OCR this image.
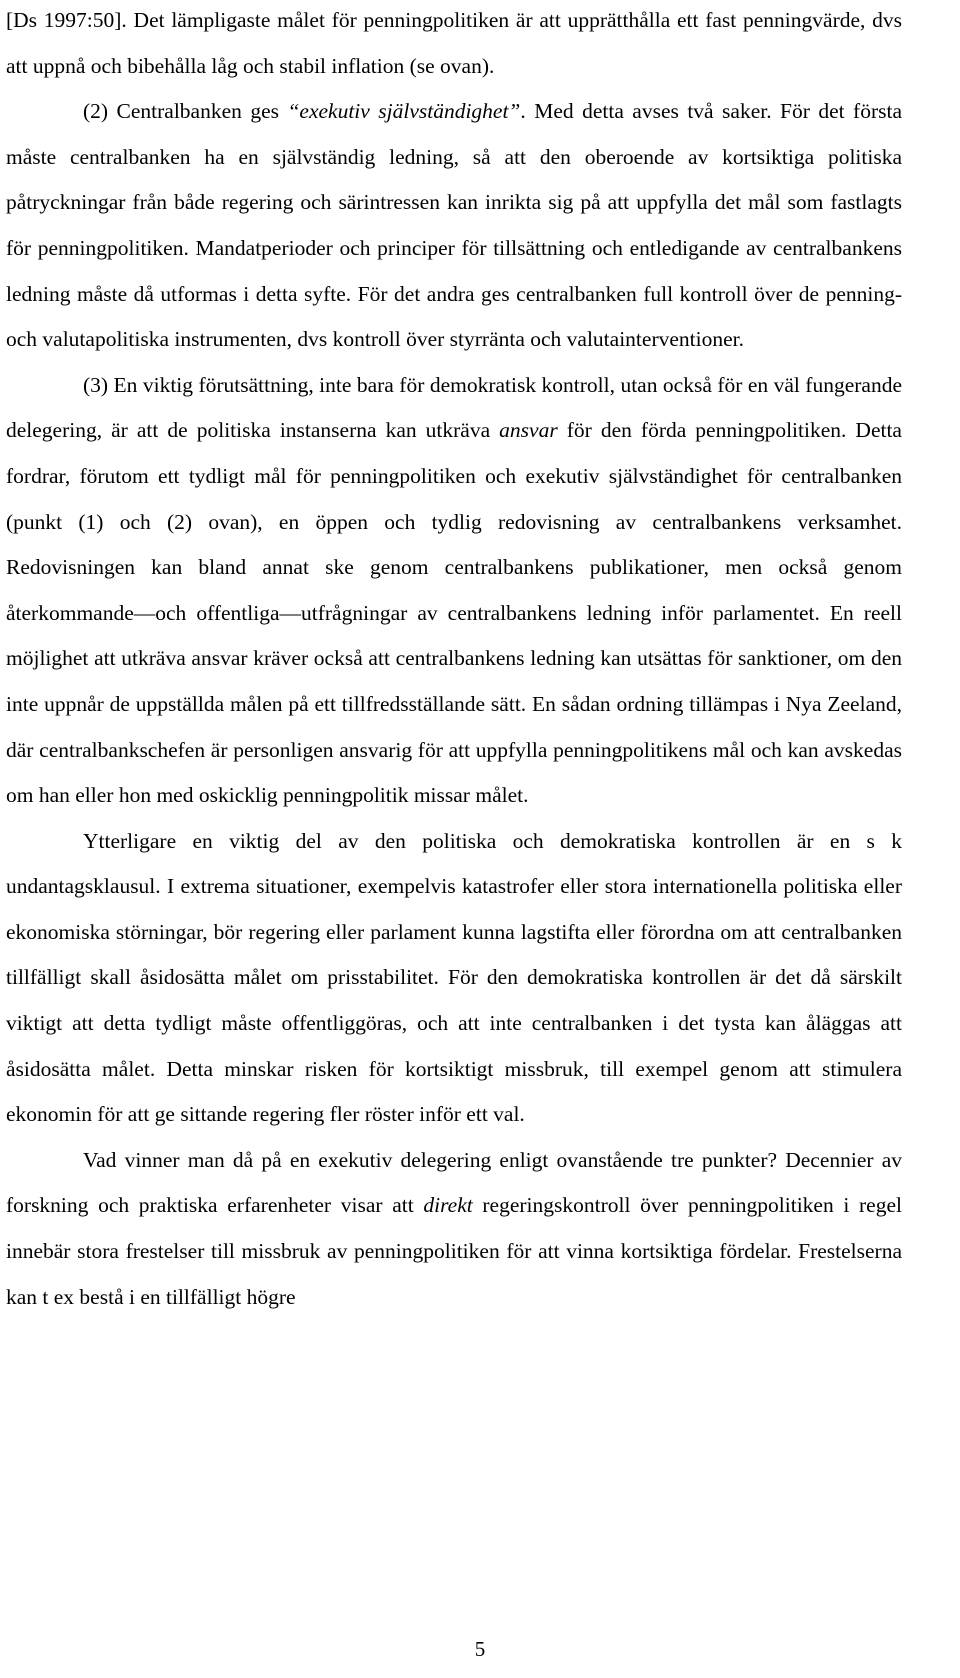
[Ds 1997:50]. Det lämpligaste målet för penningpolitiken är att upprätthålla ett fast penningvärde, dvs att uppnå och bibehålla låg och stabil inflation (se ovan).

(2) Centralbanken ges “exekutiv självständighet”. Med detta avses två saker. För det första måste centralbanken ha en självständig ledning, så att den oberoende av kortsiktiga politiska påtryckningar från både regering och särintressen kan inrikta sig på att uppfylla det mål som fastlagts för penningpolitiken. Mandatperioder och principer för tillsättning och entledigande av centralbankens ledning måste då utformas i detta syfte. För det andra ges centralbanken full kontroll över de penning- och valutapolitiska instrumenten, dvs kontroll över styrränta och valutainterventioner.

(3) En viktig förutsättning, inte bara för demokratisk kontroll, utan också för en väl fungerande delegering, är att de politiska instanserna kan utkräva ansvar för den förda penningpolitiken. Detta fordrar, förutom ett tydligt mål för penningpolitiken och exekutiv självständighet för centralbanken (punkt (1) och (2) ovan), en öppen och tydlig redovisning av centralbankens verksamhet. Redovisningen kan bland annat ske genom centralbankens publikationer, men också genom återkommande—och offentliga—utfrågningar av centralbankens ledning inför parlamentet. En reell möjlighet att utkräva ansvar kräver också att centralbankens ledning kan utsättas för sanktioner, om den inte uppnår de uppställda målen på ett tillfredsställande sätt. En sådan ordning tillämpas i Nya Zeeland, där centralbankschefen är personligen ansvarig för att uppfylla penningpolitikens mål och kan avskedas om han eller hon med oskicklig penningpolitik missar målet.

Ytterligare en viktig del av den politiska och demokratiska kontrollen är en s k undantagsklausul. I extrema situationer, exempelvis katastrofer eller stora internationella politiska eller ekonomiska störningar, bör regering eller parlament kunna lagstifta eller förordna om att centralbanken tillfälligt skall åsidosätta målet om prisstabilitet. För den demokratiska kontrollen är det då särskilt viktigt att detta tydligt måste offentliggöras, och att inte centralbanken i det tysta kan åläggas att åsidosätta målet. Detta minskar risken för kortsiktigt missbruk, till exempel genom att stimulera ekonomin för att ge sittande regering fler röster inför ett val.

Vad vinner man då på en exekutiv delegering enligt ovanstående tre punkter? Decennier av forskning och praktiska erfarenheter visar att direkt regeringskontroll över penningpolitiken i regel innebär stora frestelser till missbruk av penningpolitiken för att vinna kortsiktiga fördelar. Frestelserna kan t ex bestå i en tillfälligt högre

5
